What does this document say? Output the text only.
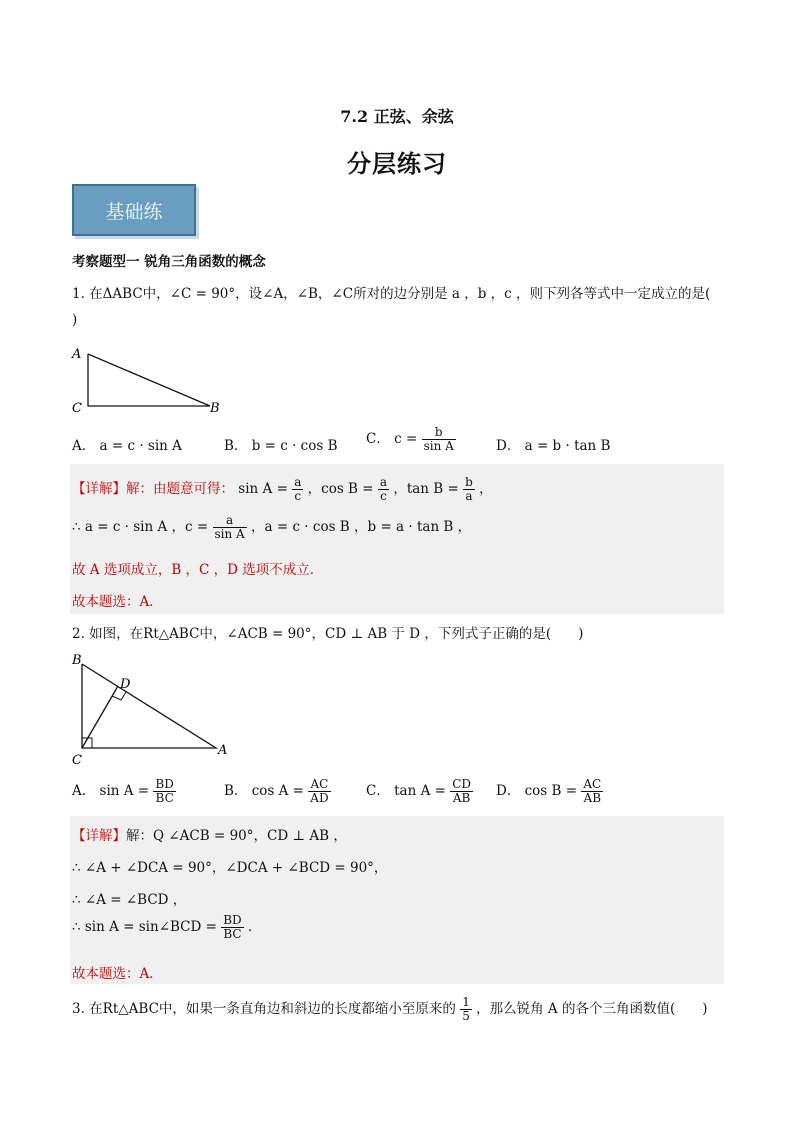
7.2 正弦、余弦
分层练习
基础练
考察题型一 锐角三角函数的概念
1. 在ΔABC中，∠C = 90°，设∠A，∠B，∠C所对的边分别是 a ，b ，c ，则下列各等式中一定成立的是(
)
A
C	B
A． a = c · sin A	B． b = c · cos B C． $c = \frac{b}{\text{sin A}}$	D． a = b · tan B
【详解】解：由题意可得： $\sin A = \frac{a}{c}$ ，$\cos B = \frac{a}{c}$ ，$\tan B = \frac{b}{a}$ ，
∴ a = c · sin A ，$c = \frac{a}{\text{sin A}}$ ，a = c · cos B ，b = a · tan B ，
故 A 选项成立，B ，C ，D 选项不成立．
故本题选：A．
2. 如图，在Rt△ABC中，∠ACB = 90°，CD ⊥ AB 于 D ，下列式子正确的是(　　)
B
D
C
A
A． $\sin A = \frac{BD}{BC}$	B． $\cos A = \frac{AC}{AD}$	C． $\tan A = \frac{CD}{AB}$ D． $\cos B = \frac{AC}{AB}$
【详解】解：Q ∠ACB = 90°，CD ⊥ AB ，
∴ ∠A + ∠DCA = 90°，∠DCA + ∠BCD = 90°，
∴ ∠A = ∠BCD ，
∴ sin A = sin∠BCD = $\frac{BD}{BC}$ ．
故本题选：A．
3. 在Rt△ABC中，如果一条直角边和斜边的长度都缩小至原来的 $\frac{1}{5}$ ，那么锐角 A 的各个三角函数值(　　)
